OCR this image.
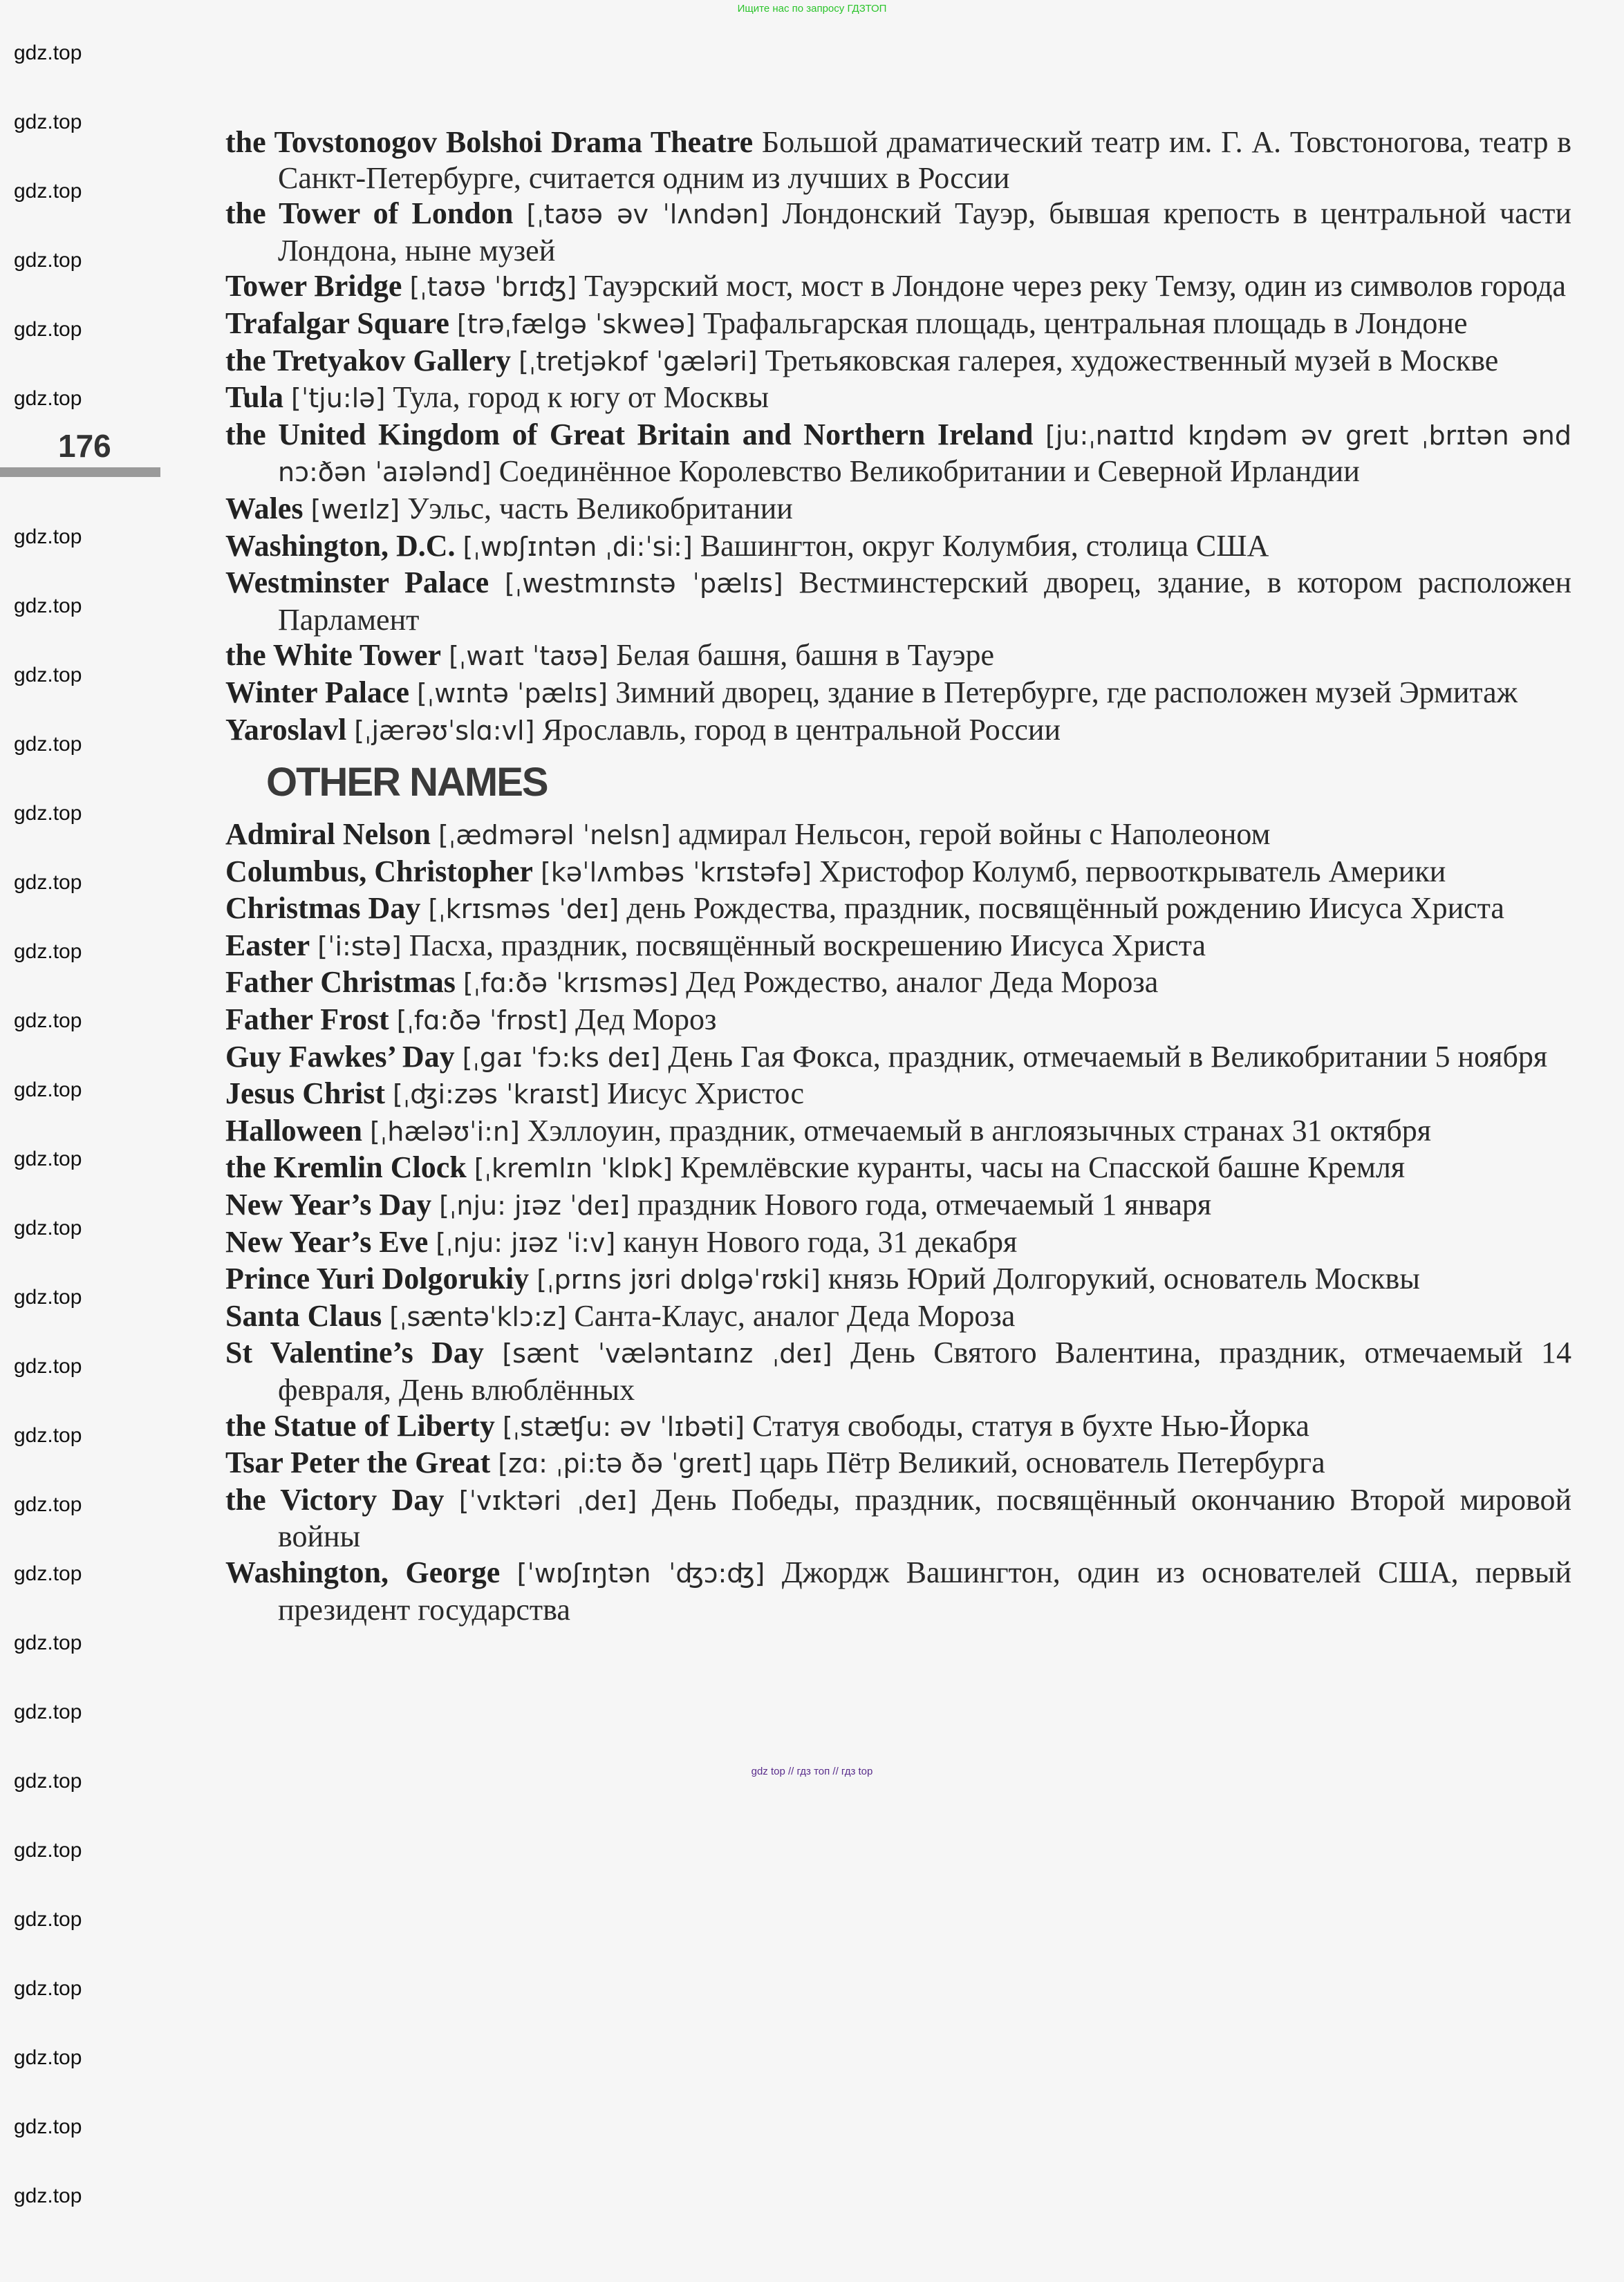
Ищите нас по запросу ГДЗТОП
176
the Tovstonogov Bolshoi Drama Theatre Большой драматический театр им. Г. А. Товстоногова, театр в Санкт-Петербурге, считается одним из лучших в России
the Tower of London [ˌtaʊə əv ˈlʌndən] Лондонский Тауэр, бывшая крепость в центральной части Лондона, ныне музей
Tower Bridge [ˌtaʊə ˈbrɪʤ] Тауэрский мост, мост в Лондоне через реку Темзу, один из символов города
Trafalgar Square [trəˌfælgə ˈskweə] Трафальгарская площадь, центральная площадь в Лондоне
the Tretyakov Gallery [ˌtretjəkɒf ˈgæləri] Третьяковская галерея, художественный музей в Москве
Tula [ˈtju:lə] Тула, город к югу от Москвы
the United Kingdom of Great Britain and Northern Ireland [ju:ˌnaɪtɪd kɪŋdəm əv greɪt ˌbrɪtən ənd nɔ:ðən ˈaɪələnd] Соединённое Королевство Великобритании и Северной Ирландии
Wales [weɪlz] Уэльс, часть Великобритании
Washington, D.C. [ˌwɒʃɪntən ˌdi:ˈsi:] Вашингтон, округ Колумбия, столица США
Westminster Palace [ˌwestmɪnstə ˈpælɪs] Вестминстерский дворец, здание, в котором расположен Парламент
the White Tower [ˌwaɪt ˈtaʊə] Белая башня, башня в Тауэре
Winter Palace [ˌwɪntə ˈpælɪs] Зимний дворец, здание в Петербурге, где расположен музей Эрмитаж
Yaroslavl [ˌjærəʊˈslɑ:vl] Ярославль, город в центральной России
OTHER NAMES
Admiral Nelson [ˌædmərəl ˈnelsn] адмирал Нельсон, герой войны с Наполеоном
Columbus, Christopher [kəˈlʌmbəs ˈkrɪstəfə] Христофор Колумб, первооткрыватель Америки
Christmas Day [ˌkrɪsməs ˈdeɪ] день Рождества, праздник, посвящённый рождению Иисуса Христа
Easter [ˈi:stə] Пасха, праздник, посвящённый воскрешению Иисуса Христа
Father Christmas [ˌfɑ:ðə ˈkrɪsməs] Дед Рождество, аналог Деда Мороза
Father Frost [ˌfɑ:ðə ˈfrɒst] Дед Мороз
Guy Fawkes’ Day [ˌgaɪ ˈfɔ:ks deɪ] День Гая Фокса, праздник, отмечаемый в Великобритании 5 ноября
Jesus Christ [ˌʤi:zəs ˈkraɪst] Иисус Христос
Halloween [ˌhæləʊˈi:n] Хэллоуин, праздник, отмечаемый в англоязычных странах 31 октября
the Kremlin Clock [ˌkremlɪn ˈklɒk] Кремлёвские куранты, часы на Спасской башне Кремля
New Year’s Day [ˌnju: jɪəz ˈdeɪ] праздник Нового года, отмечаемый 1 января
New Year’s Eve [ˌnju: jɪəz ˈi:v] канун Нового года, 31 декабря
Prince Yuri Dolgorukiy [ˌprɪns jʊri dɒlgəˈrʊki] князь Юрий Долгорукий, основатель Москвы
Santa Claus [ˌsæntəˈklɔ:z] Санта-Клаус, аналог Деда Мороза
St Valentine’s Day [sænt ˈvæləntaɪnz ˌdeɪ] День Святого Валентина, праздник, отмечаемый 14 февраля, День влюблённых
the Statue of Liberty [ˌstæʧu: əv ˈlɪbəti] Статуя свободы, статуя в бухте Нью-Йорка
Tsar Peter the Great [zɑ: ˌpi:tə ðə ˈgreɪt] царь Пётр Великий, основатель Петербурга
the Victory Day [ˈvɪktəri ˌdeɪ] День Победы, праздник, посвящённый окончанию Второй мировой войны
Washington, George [ˈwɒʃɪŋtən ˈʤɔ:ʤ] Джордж Вашингтон, один из основателей США, первый президент государства
gdz top // гдз топ // гдз top
gdz.top
gdz.top
gdz.top
gdz.top
gdz.top
gdz.top
gdz.top
gdz.top
gdz.top
gdz.top
gdz.top
gdz.top
gdz.top
gdz.top
gdz.top
gdz.top
gdz.top
gdz.top
gdz.top
gdz.top
gdz.top
gdz.top
gdz.top
gdz.top
gdz.top
gdz.top
gdz.top
gdz.top
gdz.top
gdz.top
gdz.top
